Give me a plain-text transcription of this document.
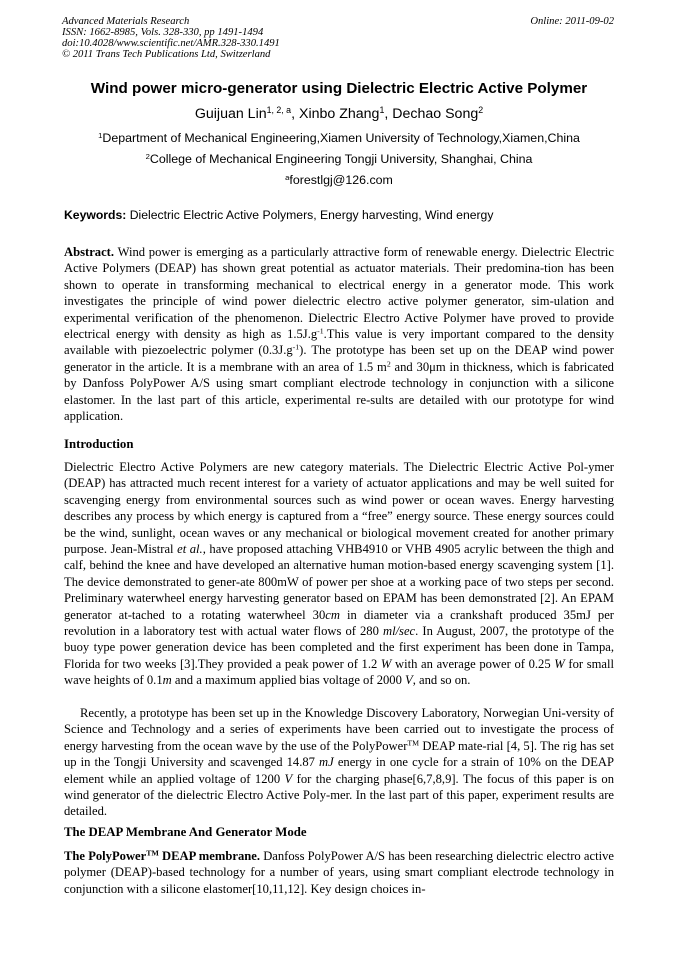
Advanced Materials Research
ISSN: 1662-8985, Vols. 328-330, pp 1491-1494
doi:10.4028/www.scientific.net/AMR.328-330.1491
© 2011 Trans Tech Publications Ltd, Switzerland
Online: 2011-09-02
Wind power micro-generator using Dielectric Electric Active Polymer
Guijuan Lin$^{1, 2, a}$, Xinbo Zhang$^1$, Dechao Song$^2$
$^1$Department of Mechanical Engineering,Xiamen University of Technology,Xiamen,China
$^2$College of Mechanical Engineering Tongji University, Shanghai, China
$^a$forestlgj@126.com
Keywords: Dielectric Electric Active Polymers, Energy harvesting, Wind energy

Abstract. Wind power is emerging as a particularly attractive form of renewable energy. Dielectric Electric Active Polymers (DEAP) has shown great potential as actuator materials. Their predomina-tion has been shown to operate in transforming mechanical to electrical energy in a generator mode. This work investigates the principle of wind power dielectric electro active polymer generator, sim-ulation and experimental verification of the phenomenon. Dielectric Electro Active Polymer have proved to provide electrical energy with density as high as $1.5J.g^{-1}.This$ value is very important compared to the density available with piezoelectric polymer $(0.3J.g^{-1})$. The prototype has been set up on the DEAP wind power generator in the article. It is a membrane with an area of 1.5 $m^2$ and 30μm in thickness, which is fabricated by Danfoss PolyPower A/S using smart compliant electrode technology in conjunction with a silicone elastomer. In the last part of this article, experimental re-sults are detailed with our prototype for wind application.

Introduction

Dielectric Electro Active Polymers are new category materials. The Dielectric Electric Active Pol-ymer (DEAP) has attracted much recent interest for a variety of actuator applications and may be well suited for scavenging energy from environmental sources such as wind power or ocean waves. Energy harvesting describes any process by which energy is captured from a “free” energy source. These energy sources could be the wind, sunlight, ocean waves or any mechanical or biological movement created for another primary purpose. Jean-Mistral et al., have proposed attaching VHB4910 or VHB 4905 acrylic between the thigh and calf, behind the knee and have developed an alternative human motion-based energy scavenging system [1]. The device demonstrated to gener-ate 800mW of power per shoe at a working pace of two steps per second. Preliminary waterwheel energy harvesting generator based on EPAM has been demonstrated [2]. An EPAM generator at-tached to a rotating waterwheel 30cm in diameter via a crankshaft produced 35mJ per revolution in a laboratory test with actual water flows of 280 ml/sec. In August, 2007, the prototype of the buoy type power generation device has been completed and the first experiment has been done in Tampa, Florida for two weeks [3].They provided a peak power of 1.2 W with an average power of 0.25 W for small wave heights of 0.1m and a maximum applied bias voltage of 2000 V, and so on.

Recently, a prototype has been set up in the Knowledge Discovery Laboratory, Norwegian Uni-versity of Science and Technology and a series of experiments have been carried out to investigate the process of energy harvesting from the ocean wave by the use of the PolyPower™ DEAP mate-rial [4, 5]. The rig has set up in the Tongji University and scavenged 14.87 mJ energy in one cycle for a strain of 10% on the DEAP element while an applied voltage of 1200 V for the charging phase[6,7,8,9]. The focus of this paper is on wind generator of the dielectric Electro Active Poly-mer. In the last part of this paper, experiment results are detailed.

The DEAP Membrane And Generator Mode

The PolyPower™ DEAP membrane. Danfoss PolyPower A/S has been researching dielectric electro active polymer (DEAP)-based technology for a number of years, using smart compliant electrode technology in conjunction with a silicone elastomer[10,11,12]. Key design choices in-
